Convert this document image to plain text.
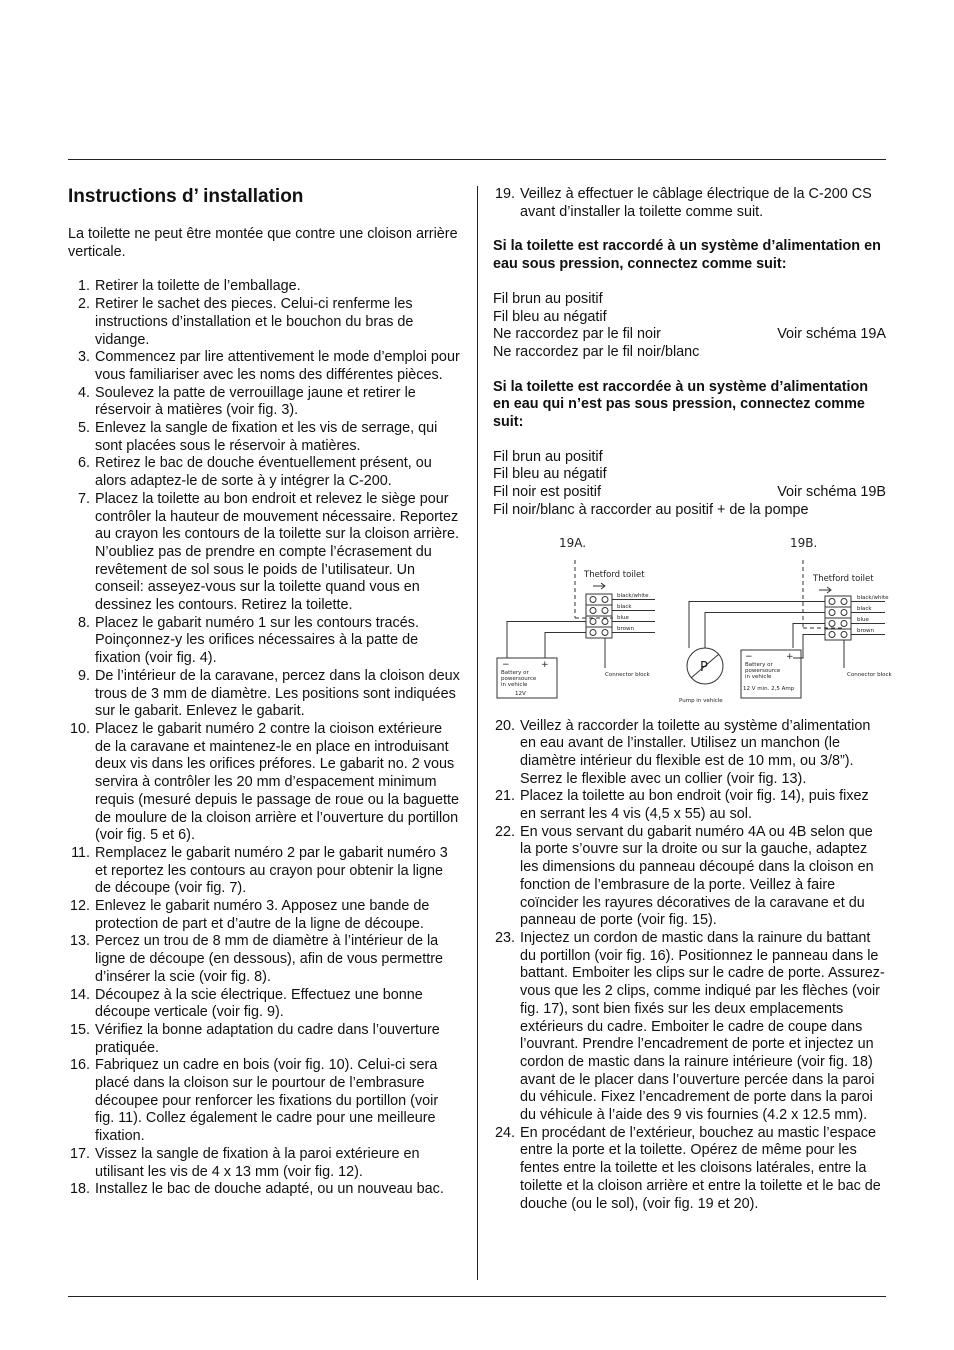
Instructions d’ installation

La toilette ne peut être montée que contre une cloison arrière verticale.

1. Retirer la toilette de l’emballage.
2. Retirer le sachet des pieces. Celui-ci renferme les instructions d’installation et le bouchon du bras de vidange.
3. Commencez par lire attentivement le mode d’emploi pour vous familiariser avec les noms des différentes pièces.
4. Soulevez la patte de verrouillage jaune et retirer le réservoir à matières (voir fig. 3).
5. Enlevez la sangle de fixation et les vis de serrage, qui sont placées sous le réservoir à matières.
6. Retirez le bac de douche éventuellement présent, ou alors adaptez-le de sorte à y intégrer la C-200.
7. Placez la toilette au bon endroit et relevez le siège pour contrôler la hauteur de mouvement nécessaire. Reportez au crayon les contours de la toilette sur la cloison arrière. N’oubliez pas de prendre en compte l’écrasement du revêtement de sol sous le poids de l’utilisateur. Un conseil: asseyez-vous sur la toilette quand vous en dessinez les contours. Retirez la toilette.
8. Placez le gabarit numéro 1 sur les contours tracés. Poinçonnez-y les orifices nécessaires à la patte de fixation (voir fig. 4).
9. De l’intérieur de la caravane, percez dans la cloison deux trous de 3 mm de diamètre. Les positions sont indiquées sur le gabarit. Enlevez le gabarit.
10. Placez le gabarit numéro 2 contre la cioison extérieure de la caravane et maintenez-le en place en introduisant deux vis dans les orifices préfores. Le gabarit no. 2 vous servira à contrôler les 20 mm d’espacement minimum requis (mesuré depuis le passage de roue ou la baguette de moulure de la cloison arrière et l’ouverture du portillon (voir fig. 5 et 6).
11. Remplacez le gabarit numéro 2 par le gabarit numéro 3 et reportez les contours au crayon pour obtenir la ligne de découpe (voir fig. 7).
12. Enlevez le gabarit numéro 3. Apposez une bande de protection de part et d’autre de la ligne de découpe.
13. Percez un trou de 8 mm de diamètre à l’intérieur de la ligne de découpe (en dessous), afin de vous permettre d’insérer la scie (voir fig. 8).
14. Découpez à la scie électrique. Effectuez une bonne découpe verticale (voir fig. 9).
15. Vérifiez la bonne adaptation du cadre dans l’ouverture pratiquée.
16. Fabriquez un cadre en bois (voir fig. 10). Celui-ci sera placé dans la cloison sur le pourtour de l’embrasure découpee pour renforcer les fixations du portillon (voir fig. 11). Collez également le cadre pour une meilleure fixation.
17. Vissez la sangle de fixation à la paroi extérieure en utilisant les vis de 4 x 13 mm (voir fig. 12).
18. Installez le bac de douche adapté, ou un nouveau bac.
19. Veillez à effectuer le câblage électrique de la C-200 CS avant d’installer la toilette comme suit.

Si la toilette est raccordé à un système d’alimentation en eau sous pression, connectez comme suit:

Fil brun au positif

Fil bleu au négatif

Ne raccordez par le fil noir	Voir schéma 19A

Ne raccordez par le fil noir/blanc

Si la toilette est raccordée à un système d’alimentation en eau qui n’est pas sous pression, connectez comme suit:

Fil brun au positif

Fil bleu au négatif

Fil noir est positif	Voir schéma 19B

Fil noir/blanc à raccorder au positif + de la pompe

19A.	19B.
Thetford toilet	Thetford toilet
black/white
black
blue
brown
Connector block
Battery or
powersource
in vehicle
12V
black/white
black
blue
brown
Connector block
Battery or
powersource
in vehicle
12 V min. 2,5 Amp
Pump in vehicle
+
−
+
−
P
20. Veillez à raccorder la toilette au système d’alimentation en eau avant de l’installer. Utilisez un manchon (le diamètre intérieur du flexible est de 10 mm, ou 3/8”). Serrez le flexible avec un collier (voir fig. 13).
21. Placez la toilette au bon endroit (voir fig. 14), puis fixez en serrant les 4 vis (4,5 x 55) au sol.
22. En vous servant du gabarit numéro 4A ou 4B selon que la porte s’ouvre sur la droite ou sur la gauche, adaptez les dimensions du panneau découpé dans la cloison en fonction de l’embrasure de la porte. Veillez à faire coïncider les rayures décoratives de la caravane et du panneau de porte (voir fig. 15).
23. Injectez un cordon de mastic dans la rainure du battant du portillon (voir fig. 16). Positionnez le panneau dans le battant. Emboiter les clips sur le cadre de porte. Assurez-vous que les 2 clips, comme indiqué par les flèches (voir fig. 17), sont bien fixés sur les deux emplacements extérieurs du cadre. Emboiter le cadre de coupe dans l’ouvrant. Prendre l’encadrement de porte et injectez un cordon de mastic dans la rainure intérieure (voir fig. 18) avant de le placer dans l’ouverture percée dans la paroi du véhicule. Fixez l’encadrement de porte dans la paroi du véhicule à l’aide des 9 vis fournies (4.2 x 12.5 mm).
24. En procédant de l’extérieur, bouchez au mastic l’espace entre la porte et la toilette. Opérez de même pour les fentes entre la toilette et les cloisons latérales, entre la toilette et la cloison arrière et entre la toilette et le bac de douche (ou le sol), (voir fig. 19 et 20).
